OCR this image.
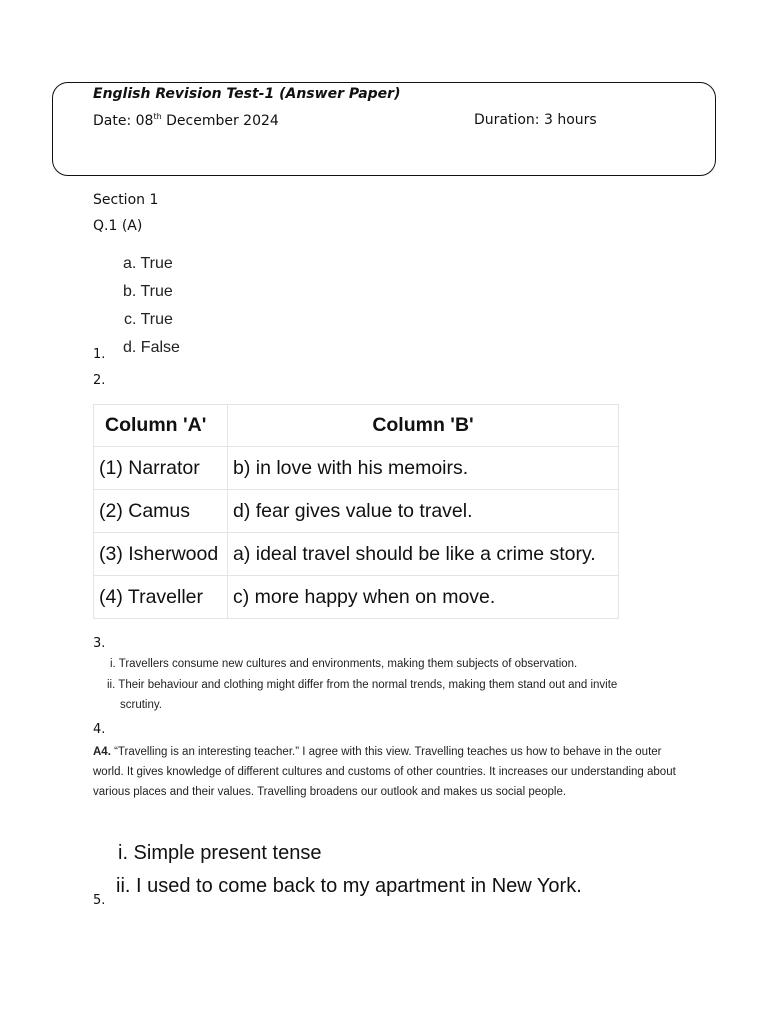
English Revision Test-1 (Answer Paper)
Date: 08th December 2024	Duration: 3 hours
Section 1
Q.1 (A)
a. True
b. True
c. True
d. False
1.
2.
Column 'A'	Column 'B'
(1) Narrator	b) in love with his memoirs.
(2) Camus	d) fear gives value to travel.
(3) Isherwood	a) ideal travel should be like a crime story.
(4) Traveller	c) more happy when on move.
3.
i. Travellers consume new cultures and environments, making them subjects of observation.
ii. Their behaviour and clothing might differ from the normal trends, making them stand out and invite
scrutiny.
4.
A4. “Travelling is an interesting teacher.” I agree with this view. Travelling teaches us how to behave in the outer world. It gives knowledge of different cultures and customs of other countries. It increases our understanding about various places and their values. Travelling broadens our outlook and makes us social people.
i. Simple present tense
ii. I used to come back to my apartment in New York.
5.
